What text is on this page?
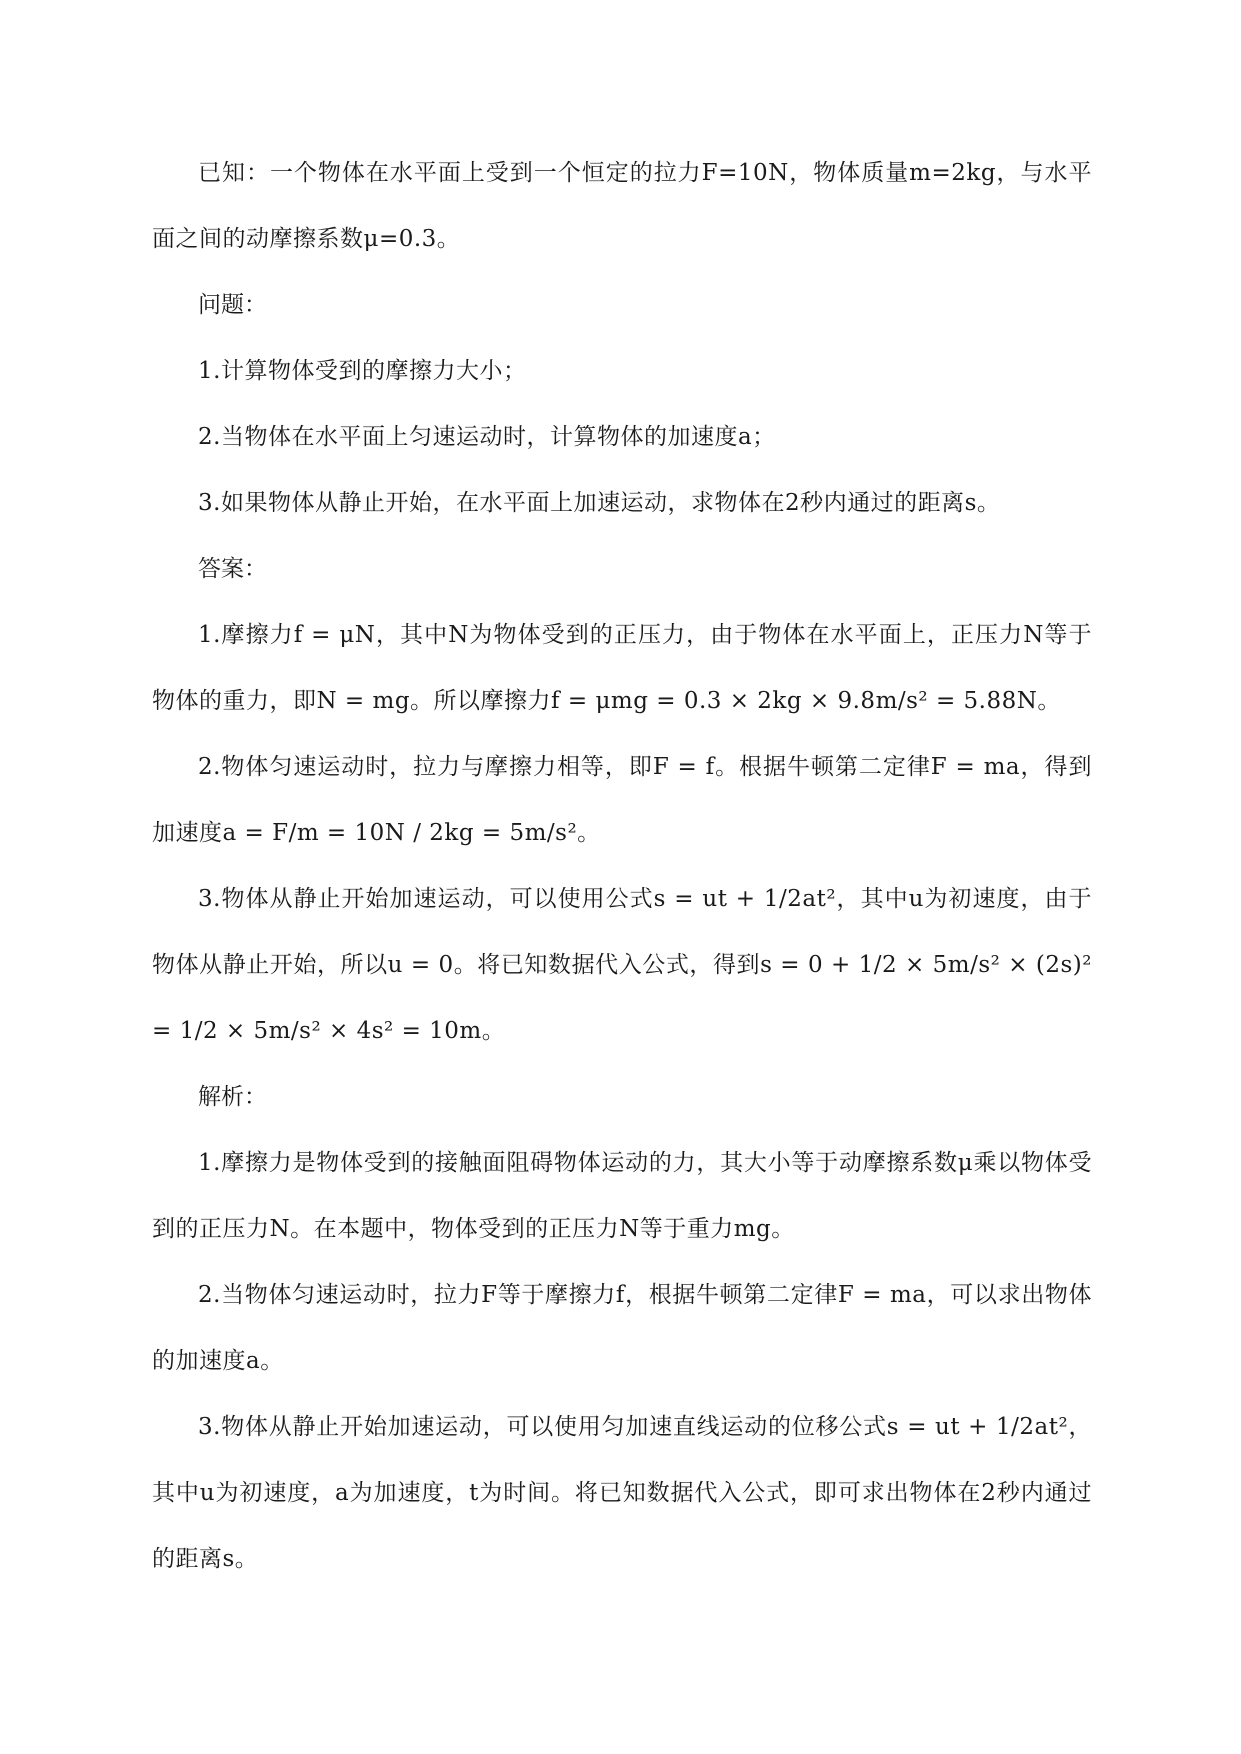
已知：一个物体在水平面上受到一个恒定的拉力F=10N，物体质量m=2kg，与水平面之间的动摩擦系数μ=0.3。

问题：

1.计算物体受到的摩擦力大小；

2.当物体在水平面上匀速运动时，计算物体的加速度a；

3.如果物体从静止开始，在水平面上加速运动，求物体在2秒内通过的距离s。

答案：

1.摩擦力f = μN，其中N为物体受到的正压力，由于物体在水平面上，正压力N等于物体的重力，即N = mg。所以摩擦力f = μmg = 0.3 × 2kg × 9.8m/s² = 5.88N。

2.物体匀速运动时，拉力与摩擦力相等，即F = f。根据牛顿第二定律F = ma，得到加速度a = F/m = 10N / 2kg = 5m/s²。

3.物体从静止开始加速运动，可以使用公式s = ut + 1/2at²，其中u为初速度，由于物体从静止开始，所以u = 0。将已知数据代入公式，得到s = 0 + 1/2 × 5m/s² × (2s)² = 1/2 × 5m/s² × 4s² = 10m。

解析：

1.摩擦力是物体受到的接触面阻碍物体运动的力，其大小等于动摩擦系数μ乘以物体受到的正压力N。在本题中，物体受到的正压力N等于重力mg。

2.当物体匀速运动时，拉力F等于摩擦力f，根据牛顿第二定律F = ma，可以求出物体的加速度a。

3.物体从静止开始加速运动，可以使用匀加速直线运动的位移公式s = ut + 1/2at²，其中u为初速度，a为加速度，t为时间。将已知数据代入公式，即可求出物体在2秒内通过的距离s。
